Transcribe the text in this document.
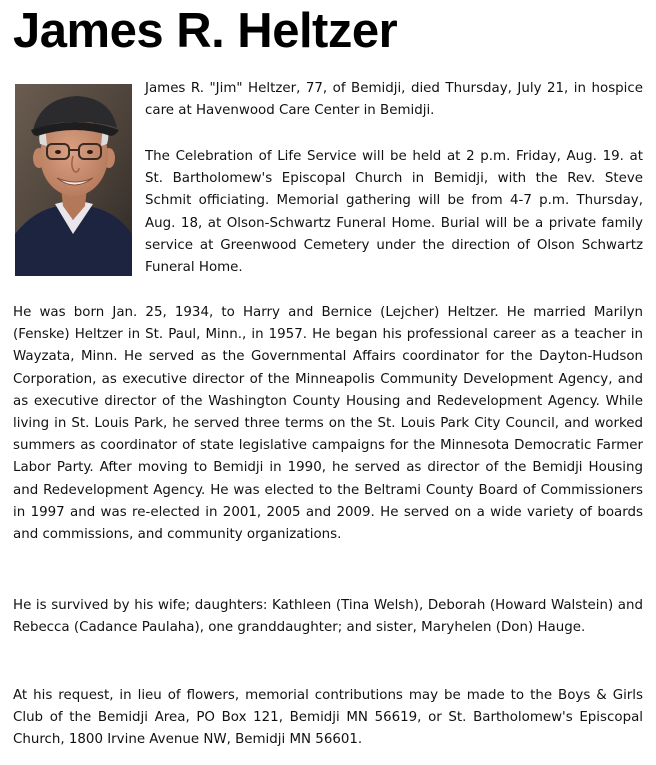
James R. Heltzer

James R. "Jim" Heltzer, 77, of Bemidji, died Thursday, July 21, in hospice care at Havenwood Care Center in Bemidji.

The Celebration of Life Service will be held at 2 p.m. Friday, Aug. 19. at St. Bartholomew's Episcopal Church in Bemidji, with the Rev. Steve Schmit officiating. Memorial gathering will be from 4-7 p.m. Thursday, Aug. 18, at Olson-Schwartz Funeral Home. Burial will be a private family service at Greenwood Cemetery under the direction of Olson Schwartz Funeral Home.

He was born Jan. 25, 1934, to Harry and Bernice (Lejcher) Heltzer. He married Marilyn (Fenske) Heltzer in St. Paul, Minn., in 1957. He began his professional career as a teacher in Wayzata, Minn. He served as the Governmental Affairs coordinator for the Dayton-Hudson Corporation, as executive director of the Minneapolis Community Development Agency, and as executive director of the Washington County Housing and Redevelopment Agency. While living in St. Louis Park, he served three terms on the St. Louis Park City Council, and worked summers as coordinator of state legislative campaigns for the Minnesota Democratic Farmer Labor Party. After moving to Bemidji in 1990, he served as director of the Bemidji Housing and Redevelopment Agency. He was elected to the Beltrami County Board of Commissioners in 1997 and was re-elected in 2001, 2005 and 2009. He served on a wide variety of boards and commissions, and community organizations.

He is survived by his wife; daughters: Kathleen (Tina Welsh), Deborah (Howard Walstein) and Rebecca (Cadance Paulaha), one granddaughter; and sister, Maryhelen (Don) Hauge.

At his request, in lieu of flowers, memorial contributions may be made to the Boys & Girls Club of the Bemidji Area, PO Box 121, Bemidji MN 56619, or St. Bartholomew's Episcopal Church, 1800 Irvine Avenue NW, Bemidji MN 56601.
